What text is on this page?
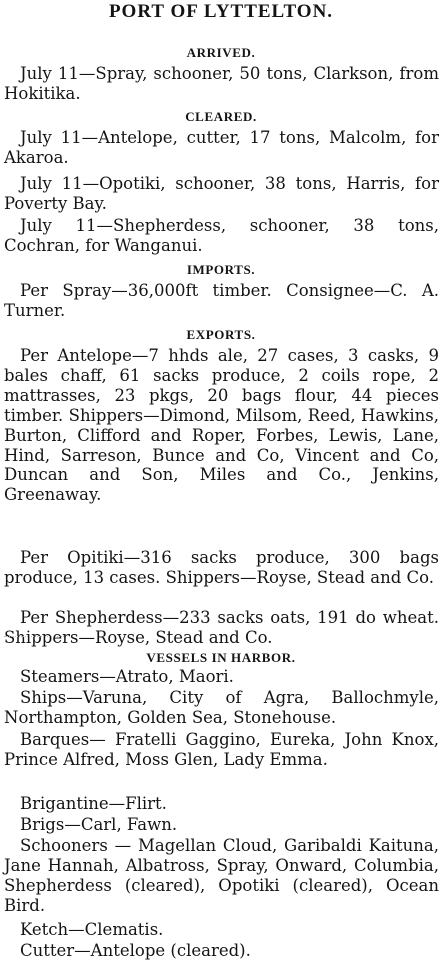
PORT OF LYTTELTON.
ARRIVED.
July 11—Spray, schooner, 50 tons, Clarkson, from Hokitika.
CLEARED.
July 11—Antelope, cutter, 17 tons, Malcolm, for Akaroa.
July 11—Opotiki, schooner, 38 tons, Harris, for Poverty Bay.
July 11—Shepherdess, schooner, 38 tons, Cochran, for Wanganui.
IMPORTS.
Per Spray—36,000ft timber. Consignee—C. A. Turner.
EXPORTS.
Per Antelope—7 hhds ale, 27 cases, 3 casks, 9 bales chaff, 61 sacks produce, 2 coils rope, 2 mattrasses, 23 pkgs, 20 bags flour, 44 pieces timber. Shippers—Dimond, Milsom, Reed, Hawkins, Burton, Clifford and Roper, Forbes, Lewis, Lane, Hind, Sarreson, Bunce and Co, Vincent and Co, Duncan and Son, Miles and Co., Jenkins, Greenaway.
Per Opitiki—316 sacks produce, 300 bags produce, 13 cases. Shippers—Royse, Stead and Co.
Per Shepherdess—233 sacks oats, 191 do wheat. Shippers—Royse, Stead and Co.
VESSELS IN HARBOR.
Steamers—Atrato, Maori.
Ships—Varuna, City of Agra, Ballochmyle, Northampton, Golden Sea, Stonehouse.
Barques— Fratelli Gaggino, Eureka, John Knox, Prince Alfred, Moss Glen, Lady Emma.
Brigantine—Flirt.
Brigs—Carl, Fawn.
Schooners — Magellan Cloud, Garibaldi Kaituna, Jane Hannah, Albatross, Spray, Onward, Columbia, Shepherdess (cleared), Opotiki (cleared), Ocean Bird.
Ketch—Clematis.
Cutter—Antelope (cleared).
